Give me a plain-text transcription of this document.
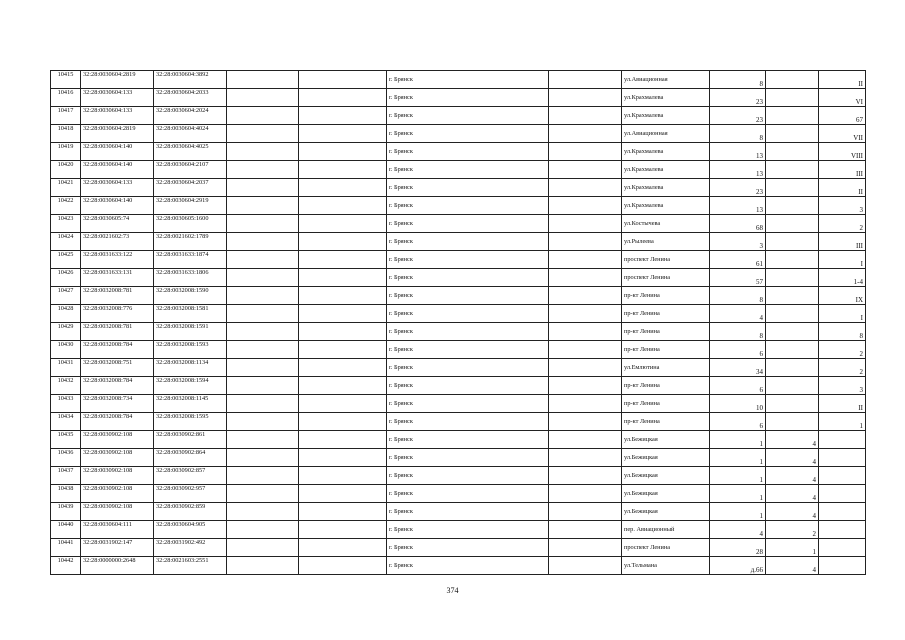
10415	32:28:0030604:2819	32:28:0030604:3892			г. Брянск		ул.Авиационная	8		II
10416	32:28:0030604:133	32:28:0030604:2033			г. Брянск		ул.Крахмалева	23		VI
10417	32:28:0030604:133	32:28:0030604:2024			г. Брянск		ул.Крахмалева	23		67
10418	32:28:0030604:2819	32:28:0030604:4024			г. Брянск		ул.Авиационная	8		VII
10419	32:28:0030604:140	32:28:0030604:4025			г. Брянск		ул.Крахмалева	13		VIII
10420	32:28:0030604:140	32:28:0030604:2107			г. Брянск		ул.Крахмалева	13		III
10421	32:28:0030604:133	32:28:0030604:2037			г. Брянск		ул.Крахмалева	23		II
10422	32:28:0030604:140	32:28:0030604:2919			г. Брянск		ул.Крахмалева	13		3
10423	32:28:0030605:74	32:28:0030605:1600			г. Брянск		ул.Костычева	68		2
10424	32:28:0021602:73	32:28:0021602:1789			г. Брянск		ул.Рылеева	3		III
10425	32:28:0031633:122	32:28:0031633:1874			г. Брянск		проспект Ленина	61		I
10426	32:28:0031633:131	32:28:0031633:1806			г. Брянск		проспект Ленина	57		1-4
10427	32:28:0032008:781	32:28:0032008:1590			г. Брянск		пр-кт Ленина	8		IX
10428	32:28:0032008:776	32:28:0032008:1581			г. Брянск		пр-кт Ленина	4		I
10429	32:28:0032008:781	32:28:0032008:1591			г. Брянск		пр-кт Ленина	8		8
10430	32:28:0032008:784	32:28:0032008:1593			г. Брянск		пр-кт Ленина	6		2
10431	32:28:0032008:751	32:28:0032008:1134			г. Брянск		ул.Емлютина	34		2
10432	32:28:0032008:784	32:28:0032008:1594			г. Брянск		пр-кт Ленина	6		3
10433	32:28:0032008:734	32:28:0032008:1145			г. Брянск		пр-кт Ленина	10		II
10434	32:28:0032008:784	32:28:0032008:1595			г. Брянск		пр-кт Ленина	6		1
10435	32:28:0030902:108	32:28:0030902:861			г. Брянск		ул.Бежицкая	1	4	
10436	32:28:0030902:108	32:28:0030902:864			г. Брянск		ул.Бежицкая	1	4	
10437	32:28:0030902:108	32:28:0030902:857			г. Брянск		ул.Бежицкая	1	4	
10438	32:28:0030902:108	32:28:0030902:957			г. Брянск		ул.Бежицкая	1	4	
10439	32:28:0030902:108	32:28:0030902:859			г. Брянск		ул.Бежицкая	1	4	
10440	32:28:0030604:111	32:28:0030604:905			г. Брянск		пер. Авиационный	4	2	
10441	32:28:0031902:147	32:28:0031902:492			г. Брянск		проспект Ленина	28	1	
10442	32:28:0000000:2648	32:28:0021603:2551			г. Брянск		ул.Тельмана	д.66	4	
374
